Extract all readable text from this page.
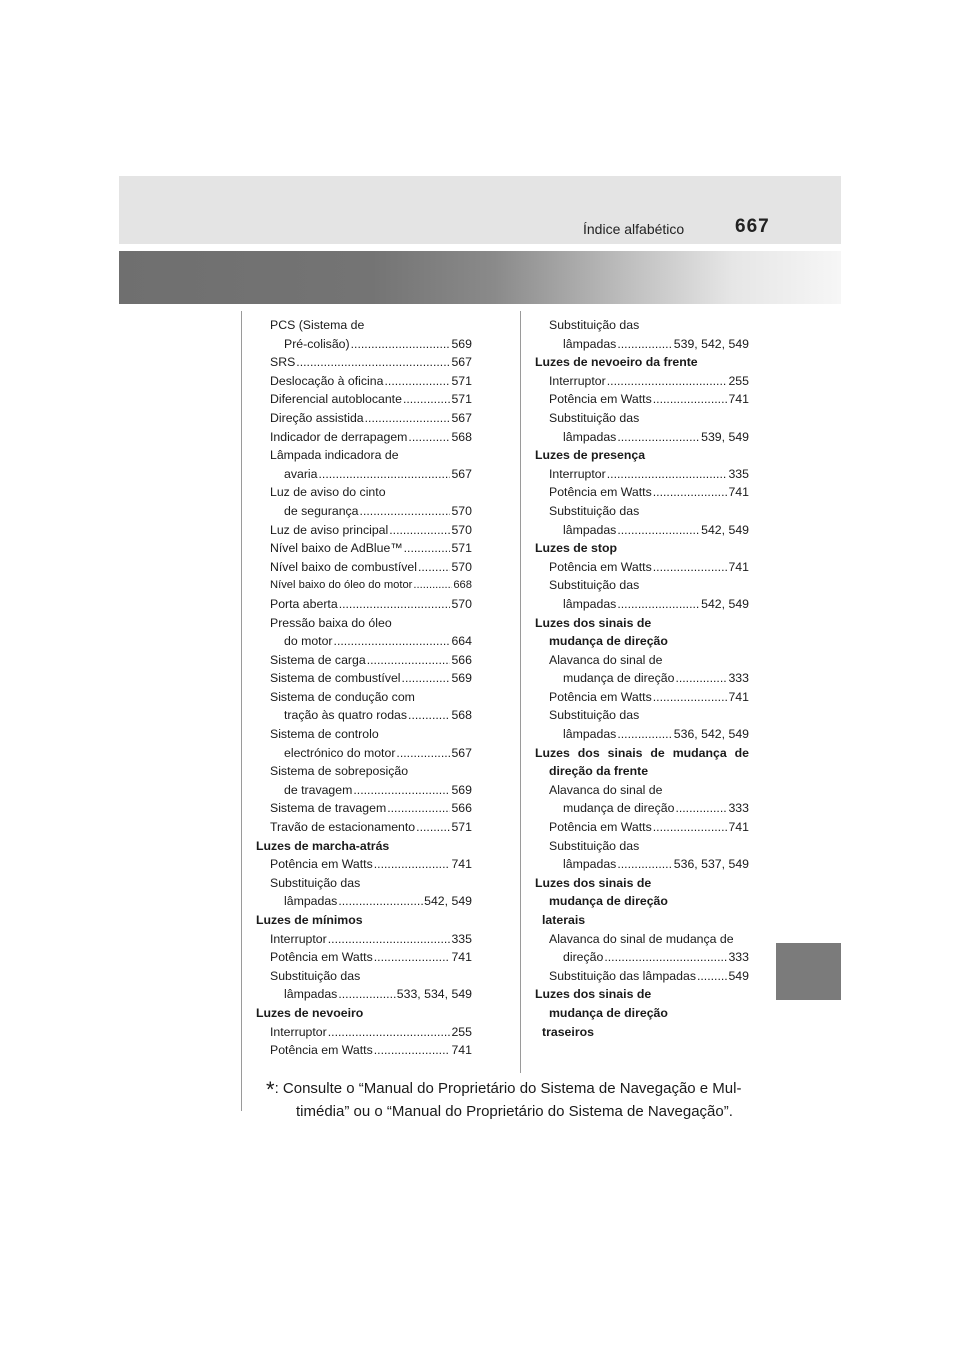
Índice alfabético	667
PCS (Sistema de
Pré-colisão) .....	569
SRS .....	567
Deslocação à oficina .....	571
Diferencial autoblocante .....	571
Direção assistida .....	567
Indicador de derrapagem .....	568
Lâmpada indicadora de
avaria .....	567
Luz de aviso do cinto
de segurança .....	570
Luz de aviso principal .....	570
Nível baixo de AdBlue™ .....	571
Nível baixo de combustível .....	570
Nível baixo do óleo do motor .....	668
Porta aberta .....	570
Pressão baixa do óleo
do motor .....	664
Sistema de carga .....	566
Sistema de combustível .....	569
Sistema de condução com
tração às quatro rodas .....	568
Sistema de controlo
electrónico do motor .....	567
Sistema de sobreposição
de travagem .....	569
Sistema de travagem .....	566
Travão de estacionamento .....	571
Luzes de marcha-atrás
Potência em Watts .....	741
Substituição das
lâmpadas .....	542, 549
Luzes de mínimos
Interruptor .....	335
Potência em Watts .....	741
Substituição das
lâmpadas .....	533, 534, 549
Luzes de nevoeiro
Interruptor .....	255
Potência em Watts .....	741
Substituição das
lâmpadas .....	539, 542, 549
Luzes de nevoeiro da frente
Interruptor .....	255
Potência em Watts .....	741
Substituição das
lâmpadas .....	539, 549
Luzes de presença
Interruptor .....	335
Potência em Watts .....	741
Substituição das
lâmpadas .....	542, 549
Luzes de stop
Potência em Watts .....	741
Substituição das
lâmpadas .....	542, 549
Luzes dos sinais de
mudança de direção
Alavanca do sinal de
mudança de direção .....	333
Potência em Watts .....	741
Substituição das
lâmpadas .....	536, 542, 549
Luzes dos sinais de mudança de
direção da frente
Alavanca do sinal de
mudança de direção .....	333
Potência em Watts .....	741
Substituição das
lâmpadas .....	536, 537, 549
Luzes dos sinais de
mudança de direção
laterais
Alavanca do sinal de mudança de
direção .....	333
Substituição das lâmpadas .....	549
Luzes dos sinais de
mudança de direção
traseiros
*: Consulte o “Manual do Proprietário do Sistema de Navegação e Mul-
timédia” ou o “Manual do Proprietário do Sistema de Navegação”.
